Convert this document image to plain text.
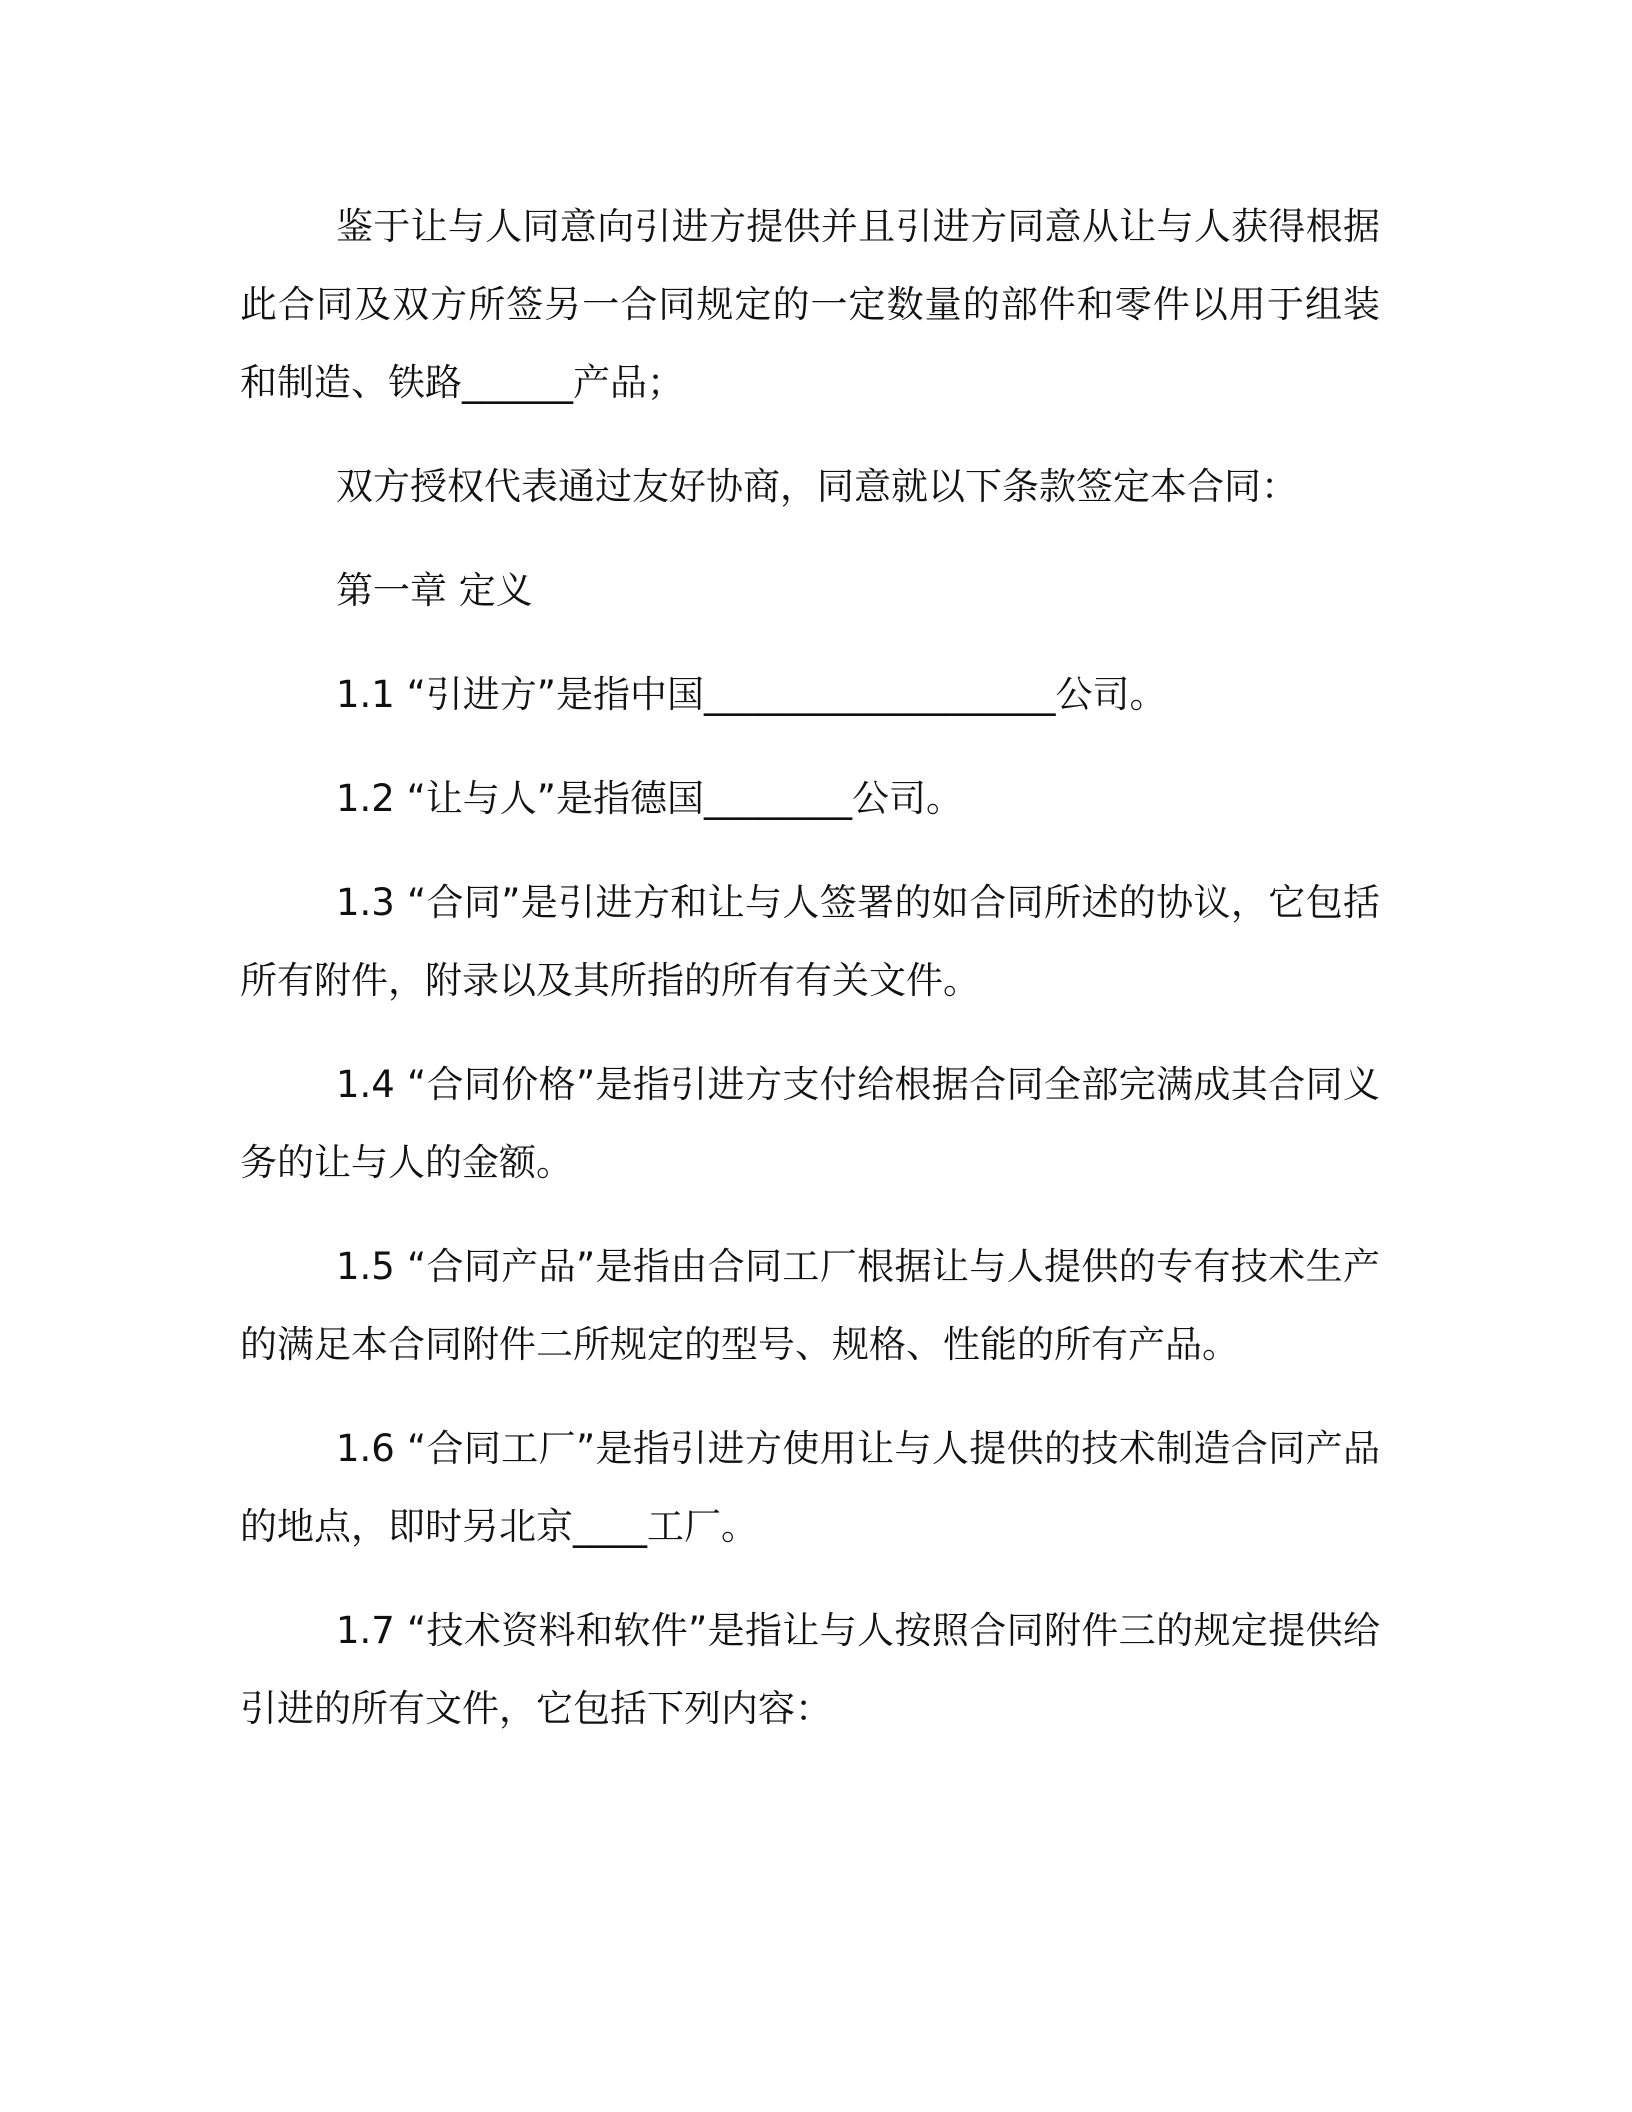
鉴于让与人同意向引进方提供并且引进方同意从让与人获得根据此合同及双方所签另一合同规定的一定数量的部件和零件以用于组装和制造、铁路______产品；

双方授权代表通过友好协商，同意就以下条款签定本合同：

第一章 定义

1.1 “引进方”是指中国___________________公司。

1.2 “让与人”是指德国________公司。

1.3 “合同”是引进方和让与人签署的如合同所述的协议，它包括所有附件，附录以及其所指的所有有关文件。

1.4 “合同价格”是指引进方支付给根据合同全部完满成其合同义务的让与人的金额。

1.5 “合同产品”是指由合同工厂根据让与人提供的专有技术生产的满足本合同附件二所规定的型号、规格、性能的所有产品。

1.6 “合同工厂”是指引进方使用让与人提供的技术制造合同产品的地点，即时另北京____工厂。

1.7 “技术资料和软件”是指让与人按照合同附件三的规定提供给引进的所有文件，它包括下列内容：
